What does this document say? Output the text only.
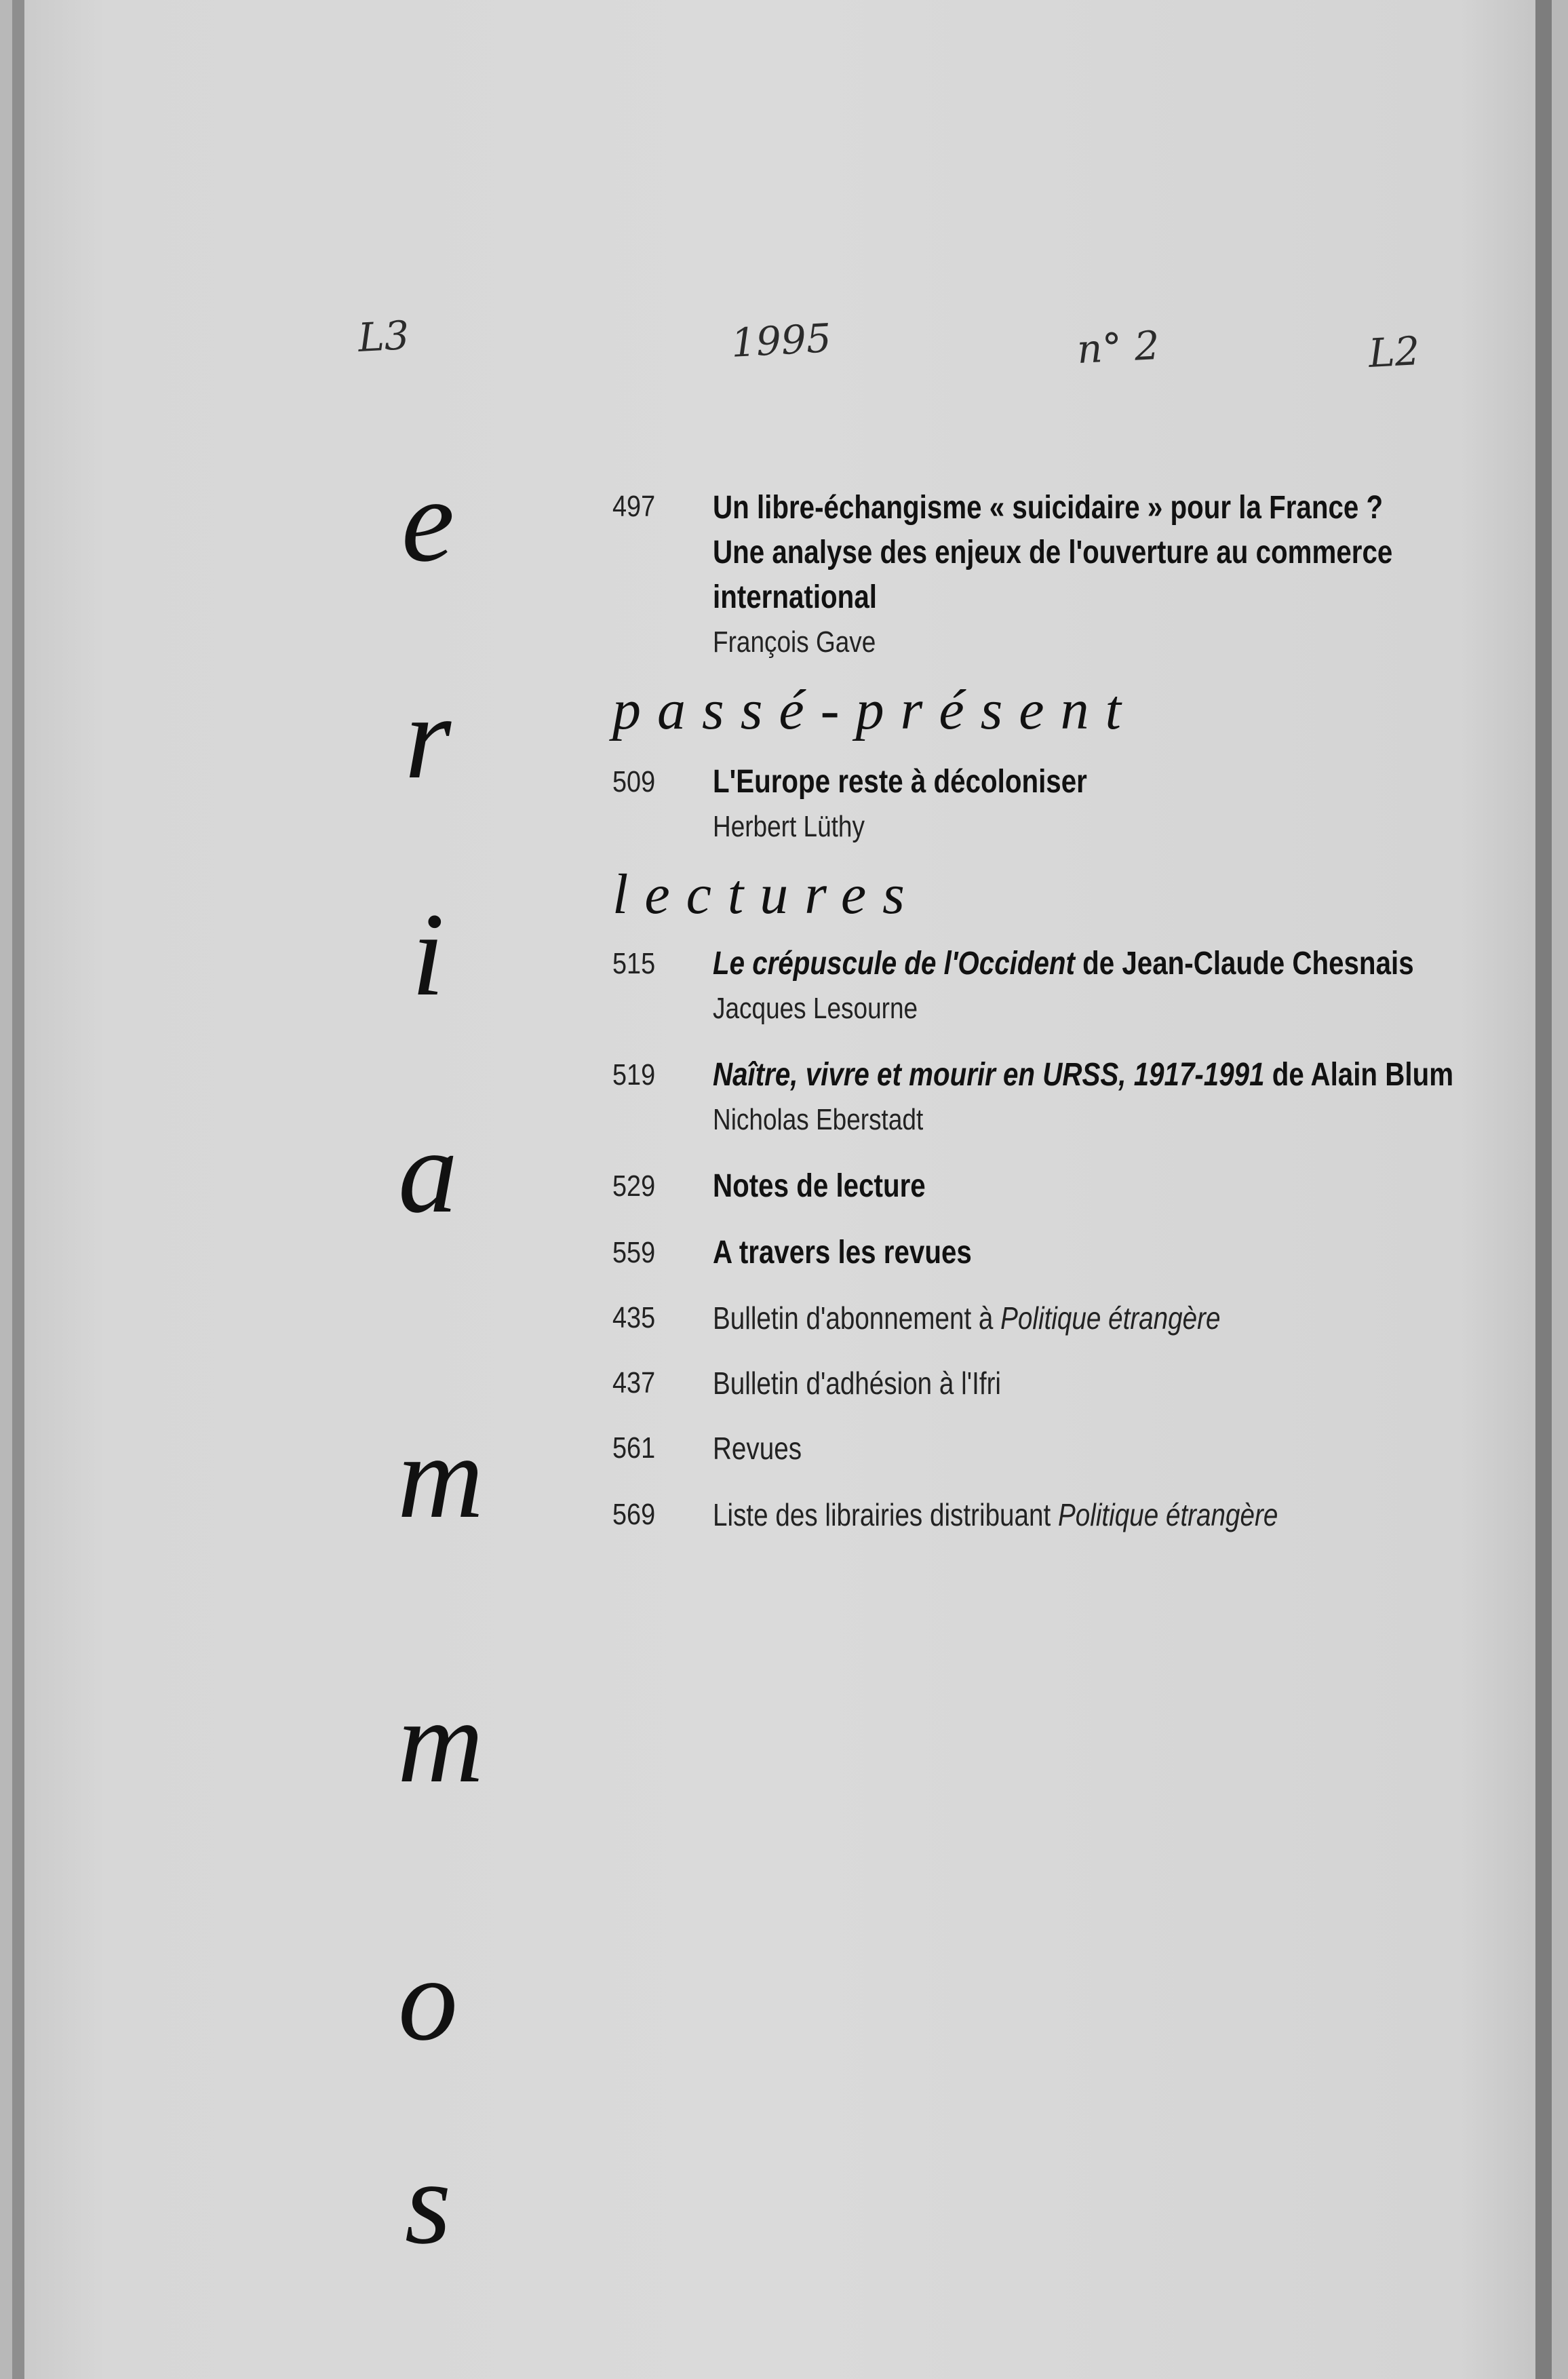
L3	1995	n° 2	L2
e
r
i
a
m
m
o
s
497	Un libre-échangisme « suicidaire » pour la France ?
Une analyse des enjeux de l'ouverture au commerce
international
François Gave
passé-présent
509	L'Europe reste à décoloniser
Herbert Lüthy
lectures
515	Le crépuscule de l'Occident de Jean-Claude Chesnais
Jacques Lesourne
519	Naître, vivre et mourir en URSS, 1917-1991 de Alain Blum
Nicholas Eberstadt
529	Notes de lecture
559	A travers les revues
435	Bulletin d'abonnement à Politique étrangère
437	Bulletin d'adhésion à l'Ifri
561	Revues
569	Liste des librairies distribuant Politique étrangère
